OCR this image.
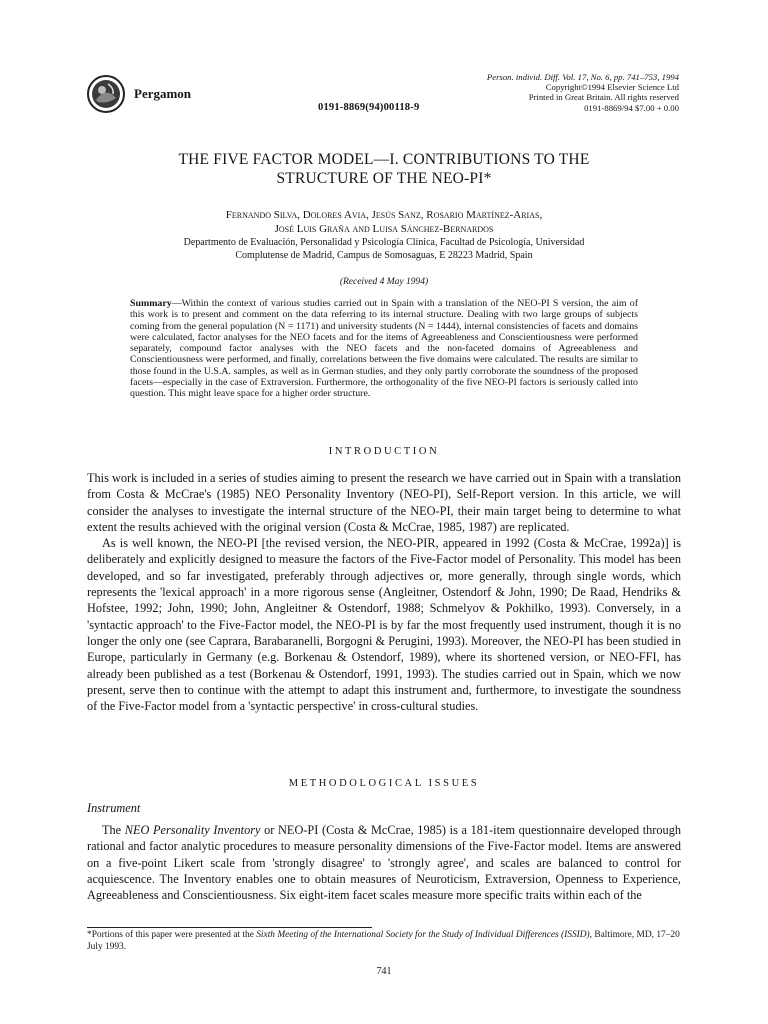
Pergamon
0191-8869(94)00118-9
Person. individ. Diff. Vol. 17, No. 6, pp. 741–753, 1994
Copyright©1994 Elsevier Science Ltd
Printed in Great Britain. All rights reserved
0191-8869/94 $7.00 + 0.00
THE FIVE FACTOR MODEL—I. CONTRIBUTIONS TO THE
STRUCTURE OF THE NEO-PI*
Fernando Silva, Dolores Avia, Jesús Sanz, Rosario Martínez-Arias,
José Luis Graña and Luisa Sánchez-Bernardos
Departmento de Evaluación, Personalidad y Psicología Clínica, Facultad de Psicología, Universidad
Complutense de Madrid, Campus de Somosaguas, E 28223 Madrid, Spain
(Received 4 May 1994)
Summary—Within the context of various studies carried out in Spain with a translation of the NEO-PI S version, the aim of this work is to present and comment on the data referring to its internal structure. Dealing with two large groups of subjects coming from the general population (N = 1171) and university students (N = 1444), internal consistencies of facets and domains were calculated, factor analyses for the NEO facets and for the items of Agreeableness and Conscientiousness were performed separately, compound factor analyses with the NEO facets and the non-faceted domains of Agreeableness and Conscientiousness were performed, and finally, correlations between the five domains were calculated. The results are similar to those found in the U.S.A. samples, as well as in German studies, and they only partly corroborate the soundness of the proposed facets—especially in the case of Extraversion. Furthermore, the orthogonality of the five NEO-PI factors is seriously called into question. This might leave space for a higher order structure.
INTRODUCTION

This work is included in a series of studies aiming to present the research we have carried out in Spain with a translation from Costa & McCrae's (1985) NEO Personality Inventory (NEO-PI), Self-Report version. In this article, we will consider the analyses to investigate the internal structure of the NEO-PI, their main target being to determine to what extent the results achieved with the original version (Costa & McCrae, 1985, 1987) are replicated.

As is well known, the NEO-PI [the revised version, the NEO-PIR, appeared in 1992 (Costa & McCrae, 1992a)] is deliberately and explicitly designed to measure the factors of the Five-Factor model of Personality. This model has been developed, and so far investigated, preferably through adjectives or, more generally, through single words, which represents the 'lexical approach' in a more rigorous sense (Angleitner, Ostendorf & John, 1990; De Raad, Hendriks & Hofstee, 1992; John, 1990; John, Angleitner & Ostendorf, 1988; Schmelyov & Pokhilko, 1993). Conversely, in a 'syntactic approach' to the Five-Factor model, the NEO-PI is by far the most frequently used instrument, though it is no longer the only one (see Caprara, Barabaranelli, Borgogni & Perugini, 1993). Moreover, the NEO-PI has been studied in Europe, particularly in Germany (e.g. Borkenau & Ostendorf, 1989), where its shortened version, or NEO-FFI, has already been published as a test (Borkenau & Ostendorf, 1991, 1993). The studies carried out in Spain, which we now present, serve then to continue with the attempt to adapt this instrument and, furthermore, to investigate the soundness of the Five-Factor model from a 'syntactic perspective' in cross-cultural studies.

METHODOLOGICAL ISSUES
Instrument

The NEO Personality Inventory or NEO-PI (Costa & McCrae, 1985) is a 181-item questionnaire developed through rational and factor analytic procedures to measure personality dimensions of the Five-Factor model. Items are answered on a five-point Likert scale from 'strongly disagree' to 'strongly agree', and scales are balanced to control for acquiescence. The Inventory enables one to obtain measures of Neuroticism, Extraversion, Openness to Experience, Agreeableness and Conscientiousness. Six eight-item facet scales measure more specific traits within each of the

*Portions of this paper were presented at the Sixth Meeting of the International Society for the Study of Individual Differences (ISSID), Baltimore, MD, 17–20 July 1993.
741
